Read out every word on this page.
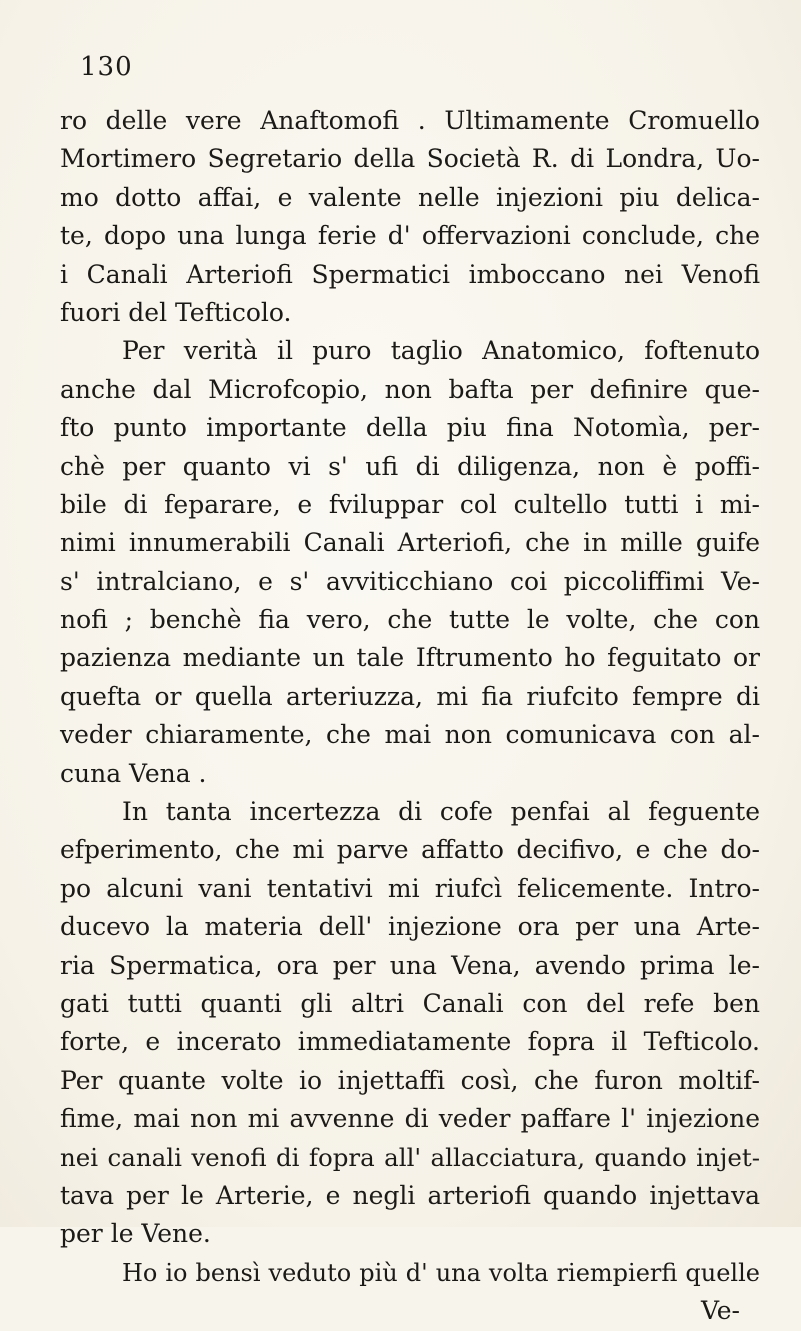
130
ro delle vere Anaftomofi . Ultimamente Cromuello
Mortimero Segretario della Società R. di Londra, Uo-
mo dotto affai, e valente nelle injezioni piu delica-
te, dopo una lunga ferie d' offervazioni conclude, che
i Canali Arteriofi Spermatici imboccano nei Venofi
fuori del Tefticolo.
Per verità il puro taglio Anatomico, foftenuto
anche dal Microfcopio, non bafta per definire que-
fto punto importante della piu fina Notomìa, per-
chè per quanto vi s' ufi di diligenza, non è poffi-
bile di feparare, e fviluppar col cultello tutti i mi-
nimi innumerabili Canali Arteriofi, che in mille guife
s' intralciano, e s' avviticchiano coi piccoliffimi Ve-
nofi ; benchè fia vero, che tutte le volte, che con
pazienza mediante un tale Iftrumento ho feguitato or
quefta or quella arteriuzza, mi fia riufcito fempre di
veder chiaramente, che mai non comunicava con al-
cuna Vena .
In tanta incertezza di cofe penfai al feguente
efperimento, che mi parve affatto decifivo, e che do-
po alcuni vani tentativi mi riufcì felicemente. Intro-
ducevo la materia dell' injezione ora per una Arte-
ria Spermatica, ora per una Vena, avendo prima le-
gati tutti quanti gli altri Canali con del refe ben
forte, e incerato immediatamente fopra il Tefticolo.
Per quante volte io injettaffi così, che furon moltif-
fime, mai non mi avvenne di veder paffare l' injezione
nei canali venofi di fopra all' allacciatura, quando injet-
tava per le Arterie, e negli arteriofi quando injettava
per le Vene.
Ho io bensì veduto più d' una volta riempierfi quelle
Ve-
